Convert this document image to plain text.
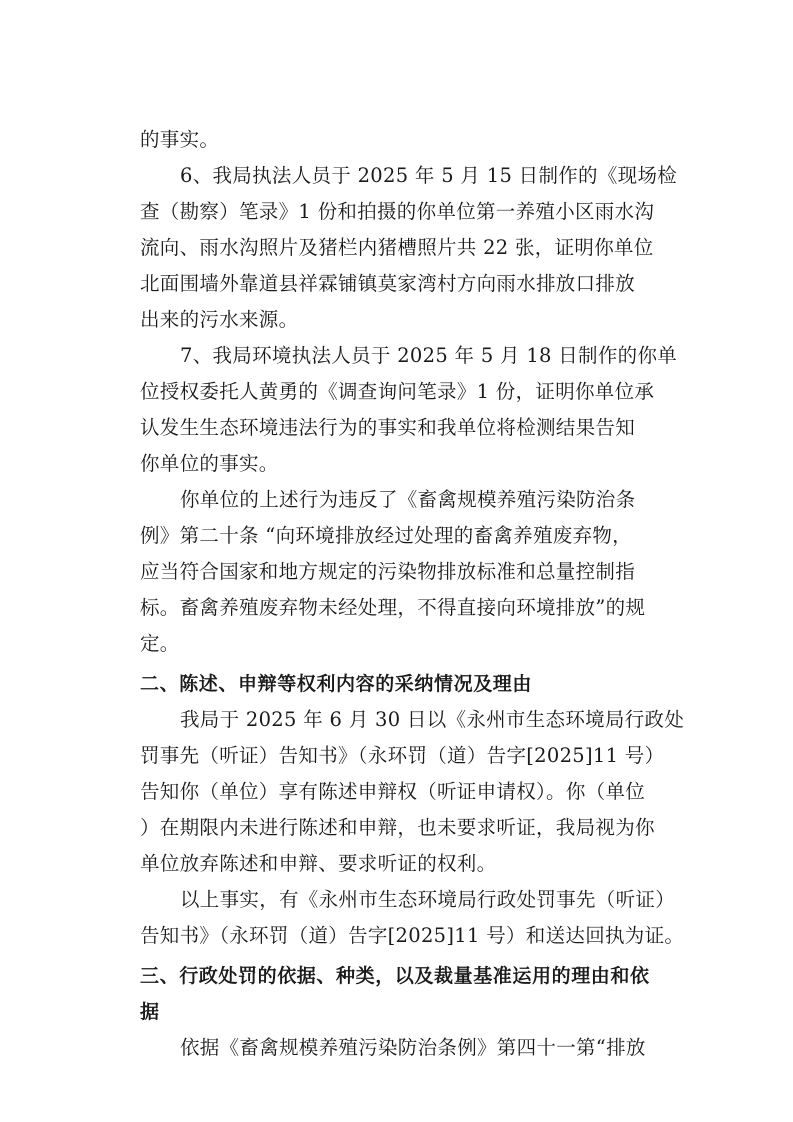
的事实。
6、我局执法人员于 2025 年 5 月 15 日制作的《现场检
查（勘察）笔录》1 份和拍摄的你单位第一养殖小区雨水沟
流向、雨水沟照片及猪栏内猪槽照片共 22 张，证明你单位
北面围墙外靠道县祥霖铺镇莫家湾村方向雨水排放口排放
出来的污水来源。
7、我局环境执法人员于 2025 年 5 月 18 日制作的你单
位授权委托人黄勇的《调查询问笔录》1 份，证明你单位承
认发生生态环境违法行为的事实和我单位将检测结果告知
你单位的事实。
你单位的上述行为违反了《畜禽规模养殖污染防治条
例》第二十条 “向环境排放经过处理的畜禽养殖废弃物，
应当符合国家和地方规定的污染物排放标准和总量控制指
标。畜禽养殖废弃物未经处理，不得直接向环境排放”的规
定。
二、陈述、申辩等权利内容的采纳情况及理由
我局于 2025 年 6 月 30 日以《永州市生态环境局行政处
罚事先（听证）告知书》（永环罚（道）告字[2025]11 号）
告知你（单位）享有陈述申辩权（听证申请权）。你（单位
）在期限内未进行陈述和申辩，也未要求听证，我局视为你
单位放弃陈述和申辩、要求听证的权利。
以上事实，有《永州市生态环境局行政处罚事先（听证）
告知书》（永环罚（道）告字[2025]11 号）和送达回执为证。
三、行政处罚的依据、种类，以及裁量基准运用的理由和依
据
依据《畜禽规模养殖污染防治条例》第四十一第“排放
